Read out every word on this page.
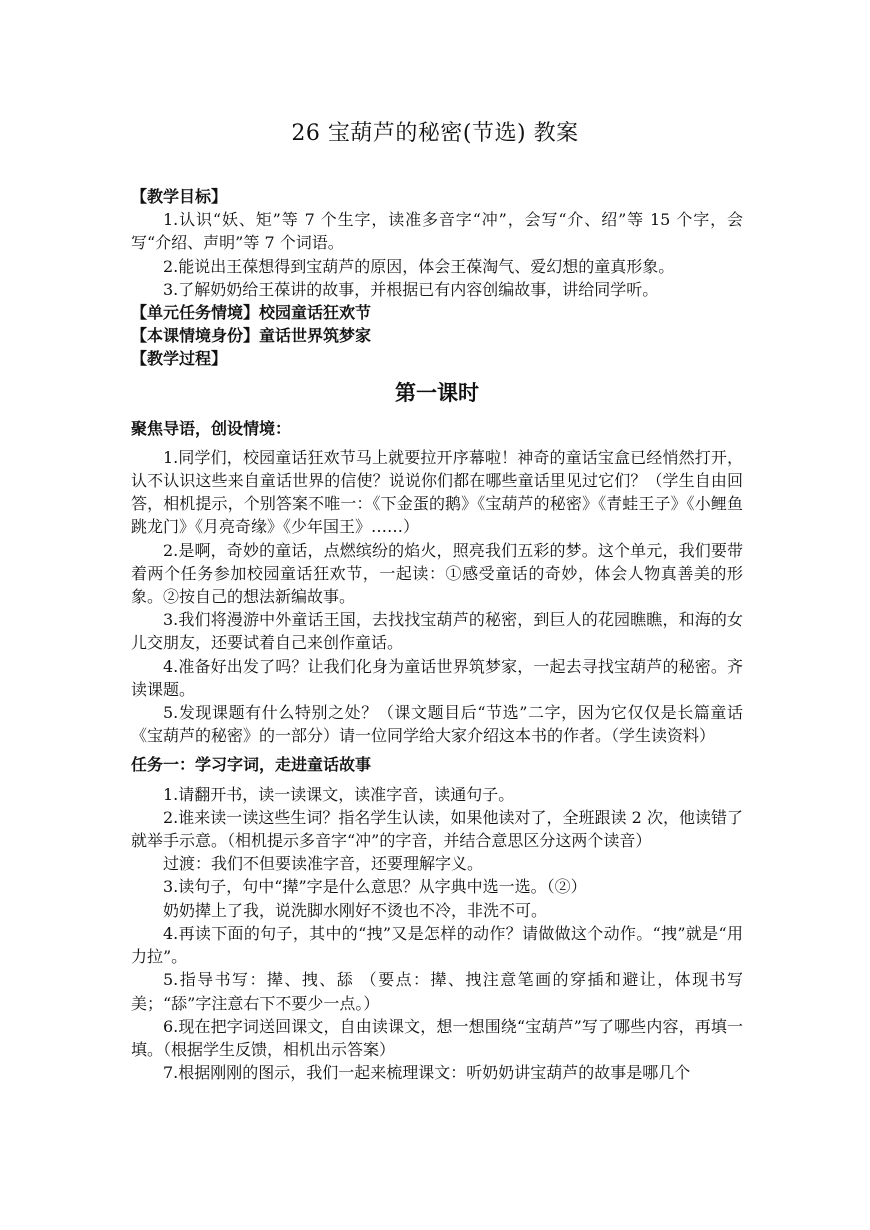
26 宝葫芦的秘密(节选) 教案

【教学目标】

1.认识“妖、矩”等 7 个生字，读准多音字“冲”，会写“介、绍”等 15 个字，会写“介绍、声明”等 7 个词语。

2.能说出王葆想得到宝葫芦的原因，体会王葆淘气、爱幻想的童真形象。

3.了解奶奶给王葆讲的故事，并根据已有内容创编故事，讲给同学听。

【单元任务情境】校园童话狂欢节

【本课情境身份】童话世界筑梦家

【教学过程】

第一课时

聚焦导语，创设情境：

1.同学们，校园童话狂欢节马上就要拉开序幕啦！神奇的童话宝盒已经悄然打开，认不认识这些来自童话世界的信使？说说你们都在哪些童话里见过它们？（学生自由回答，相机提示，个别答案不唯一：《下金蛋的鹅》《宝葫芦的秘密》《青蛙王子》《小鲤鱼跳龙门》《月亮奇缘》《少年国王》……）

2.是啊，奇妙的童话，点燃缤纷的焰火，照亮我们五彩的梦。这个单元，我们要带着两个任务参加校园童话狂欢节，一起读：①感受童话的奇妙，体会人物真善美的形象。②按自己的想法新编故事。

3.我们将漫游中外童话王国，去找找宝葫芦的秘密，到巨人的花园瞧瞧，和海的女儿交朋友，还要试着自己来创作童话。

4.准备好出发了吗？让我们化身为童话世界筑梦家，一起去寻找宝葫芦的秘密。齐读课题。

5.发现课题有什么特别之处？（课文题目后“节选”二字，因为它仅仅是长篇童话《宝葫芦的秘密》的一部分）请一位同学给大家介绍这本书的作者。（学生读资料）

任务一：学习字词，走进童话故事

1.请翻开书，读一读课文，读准字音，读通句子。

2.谁来读一读这些生词？指名学生认读，如果他读对了，全班跟读 2 次，他读错了就举手示意。（相机提示多音字“冲”的字音，并结合意思区分这两个读音）

过渡：我们不但要读准字音，还要理解字义。

3.读句子，句中“撵”字是什么意思？从字典中选一选。（②）

奶奶撵上了我，说洗脚水刚好不烫也不冷，非洗不可。

4.再读下面的句子，其中的“拽”又是怎样的动作？请做做这个动作。“拽”就是“用力拉”。

5.指导书写：撵、拽、舔 （要点：撵、拽注意笔画的穿插和避让，体现书写美；“舔”字注意右下不要少一点。）

6.现在把字词送回课文，自由读课文，想一想围绕“宝葫芦”写了哪些内容，再填一填。（根据学生反馈，相机出示答案）

7.根据刚刚的图示，我们一起来梳理课文：听奶奶讲宝葫芦的故事是哪几个
